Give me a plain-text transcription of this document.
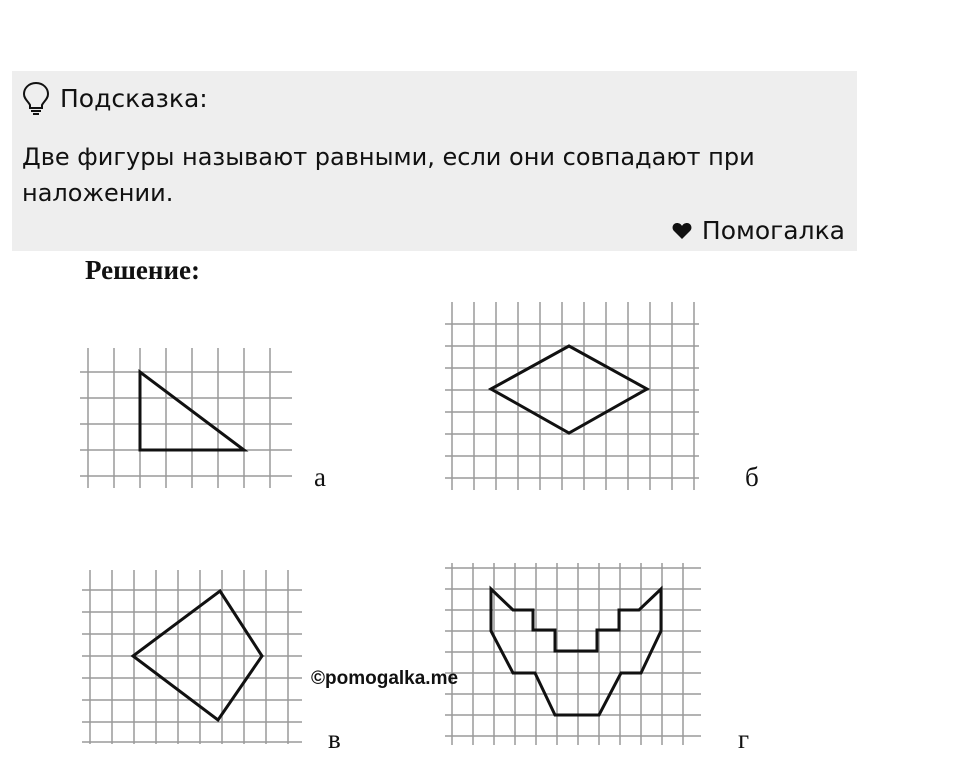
Подсказка:
Две фигуры называют равными, если они совпадают при наложении.
Помогалка
Решение:
а	б
в	г
©pomogalka.me
